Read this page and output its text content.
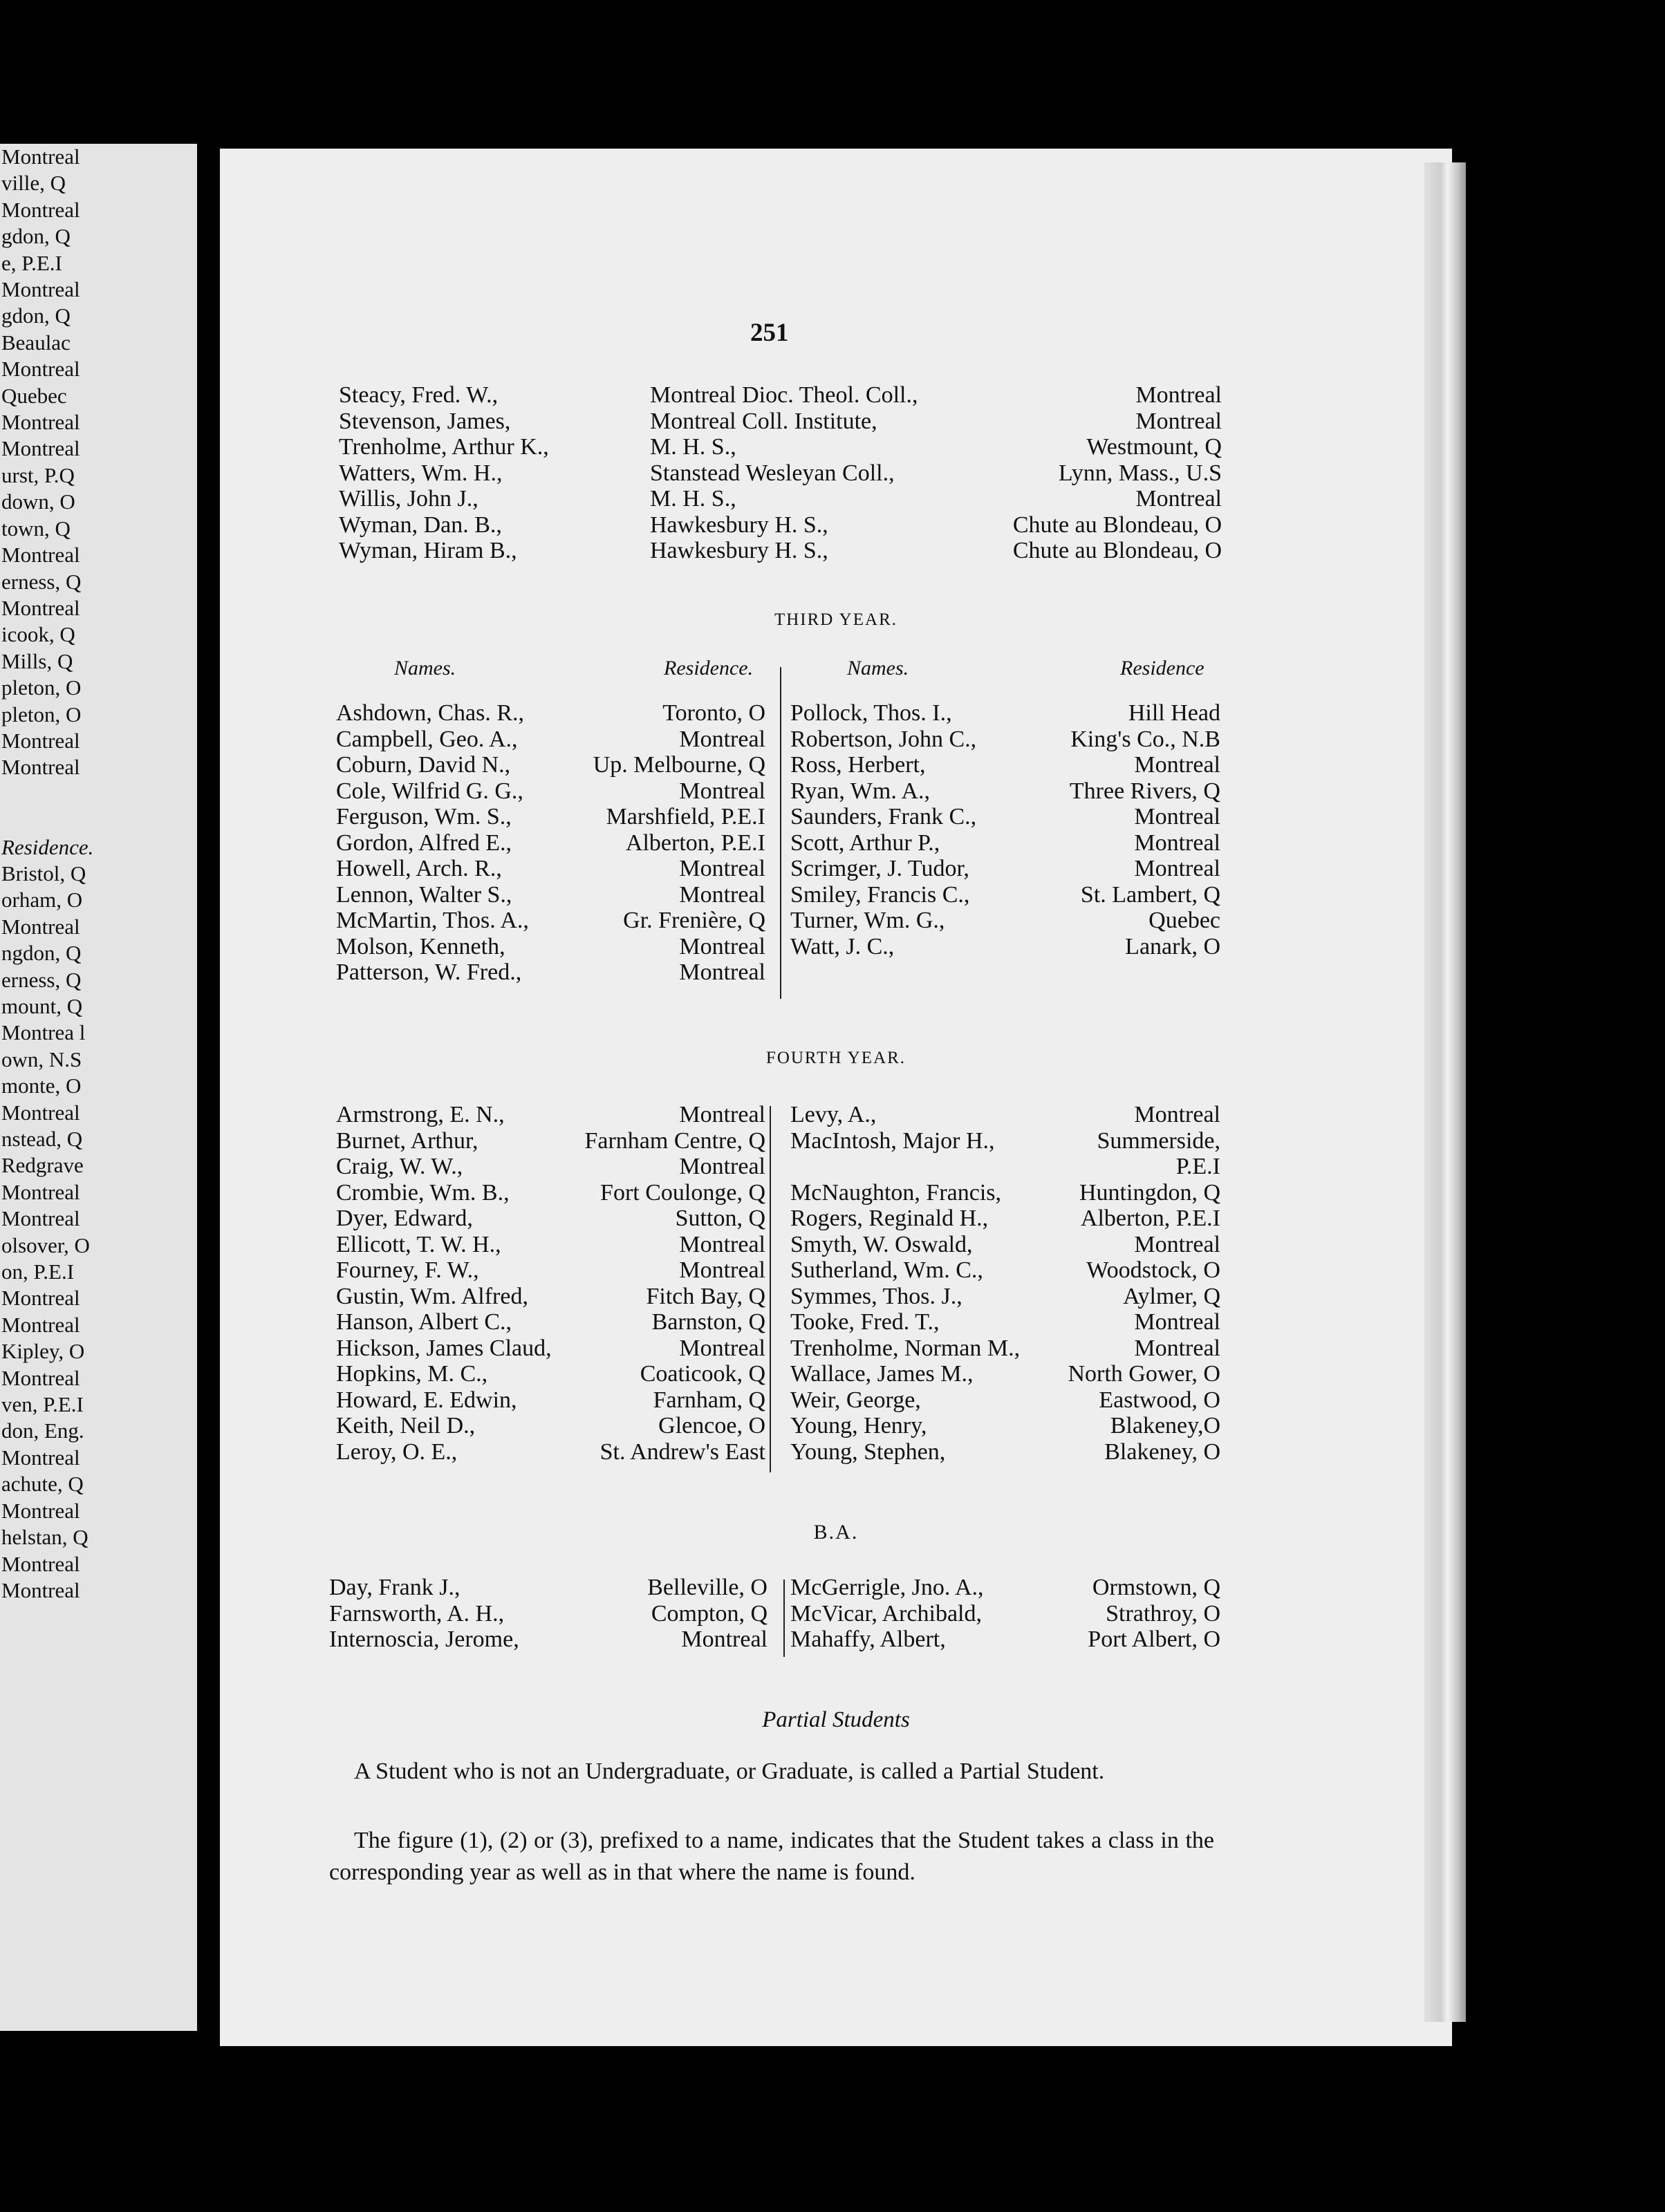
Montreal
ville, Q
Montreal
gdon, Q
e, P.E.I
Montreal
gdon, Q
Beaulac
Montreal
Quebec
Montreal
Montreal
urst, P.Q
down, O
town, Q
Montreal
erness, Q
Montreal
icook, Q
Mills, Q
pleton, O
pleton, O
Montreal
Montreal
Residence.
Bristol, Q
orham, O
Montreal
ngdon, Q
erness, Q
mount, Q
Montrea l
own, N.S
monte, O
Montreal
nstead, Q
Redgrave
Montreal
Montreal
olsover, O
on, P.E.I
Montreal
Montreal
Kipley, O
Montreal
ven, P.E.I
don, Eng.
Montreal
achute, Q
Montreal
helstan, Q
Montreal
Montreal
251
Steacy, Fred. W.,	Montreal Dioc. Theol. Coll.,	Montreal
Stevenson, James,	Montreal Coll. Institute,	Montreal
Trenholme, Arthur K.,	M. H. S.,	Westmount, Q
Watters, Wm. H.,	Stanstead Wesleyan Coll.,	Lynn, Mass., U.S
Willis, John J.,	M. H. S.,	Montreal
Wyman, Dan. B.,	Hawkesbury H. S.,	Chute au Blondeau, O
Wyman, Hiram B.,	Hawkesbury H. S.,	Chute au Blondeau, O
Names.	Residence.	Names.	Residence
THIRD YEAR.
Ashdown, Chas. R.,	Toronto, O
Campbell, Geo. A.,	Montreal
Coburn, David N.,	Up. Melbourne, Q
Cole, Wilfrid G. G.,	Montreal
Ferguson, Wm. S.,	Marshfield, P.E.I
Gordon, Alfred E.,	Alberton, P.E.I
Howell, Arch. R.,	Montreal
Lennon, Walter S.,	Montreal
McMartin, Thos. A.,	Gr. Frenière, Q
Molson, Kenneth,	Montreal
Patterson, W. Fred.,	Montreal
Pollock, Thos. I.,	Hill Head
Robertson, John C.,	King's Co., N.B
Ross, Herbert,	Montreal
Ryan, Wm. A.,	Three Rivers, Q
Saunders, Frank C.,	Montreal
Scott, Arthur P.,	Montreal
Scrimger, J. Tudor,	Montreal
Smiley, Francis C.,	St. Lambert, Q
Turner, Wm. G.,	Quebec
Watt, J. C.,	Lanark, O
FOURTH YEAR.
Armstrong, E. N.,	Montreal
Burnet, Arthur,	Farnham Centre, Q
Craig, W. W.,	Montreal
Crombie, Wm. B.,	Fort Coulonge, Q
Dyer, Edward,	Sutton, Q
Ellicott, T. W. H.,	Montreal
Fourney, F. W.,	Montreal
Gustin, Wm. Alfred,	Fitch Bay, Q
Hanson, Albert C.,	Barnston, Q
Hickson, James Claud,	Montreal
Hopkins, M. C.,	Coaticook, Q
Howard, E. Edwin,	Farnham, Q
Keith, Neil D.,	Glencoe, O
Leroy, O. E.,	St. Andrew's East
Levy, A.,	Montreal
MacIntosh, Major H.,	Summerside,
P.E.I
McNaughton, Francis,	Huntingdon, Q
Rogers, Reginald H.,	Alberton, P.E.I
Smyth, W. Oswald,	Montreal
Sutherland, Wm. C.,	Woodstock, O
Symmes, Thos. J.,	Aylmer, Q
Tooke, Fred. T.,	Montreal
Trenholme, Norman M.,	Montreal
Wallace, James M.,	North Gower, O
Weir, George,	Eastwood, O
Young, Henry,	Blakeney,O
Young, Stephen,	Blakeney, O
B.A.
Day, Frank J.,	Belleville, O
Farnsworth, A. H.,	Compton, Q
Internoscia, Jerome,	Montreal
McGerrigle, Jno. A.,	Ormstown, Q
McVicar, Archibald,	Strathroy, O
Mahaffy, Albert,	Port Albert, O
Partial Students
A Student who is not an Undergraduate, or Graduate, is called a Partial Student.
The figure (1), (2) or (3), prefixed to a name, indicates that the Student takes a class in the corresponding year as well as in that where the name is found.
